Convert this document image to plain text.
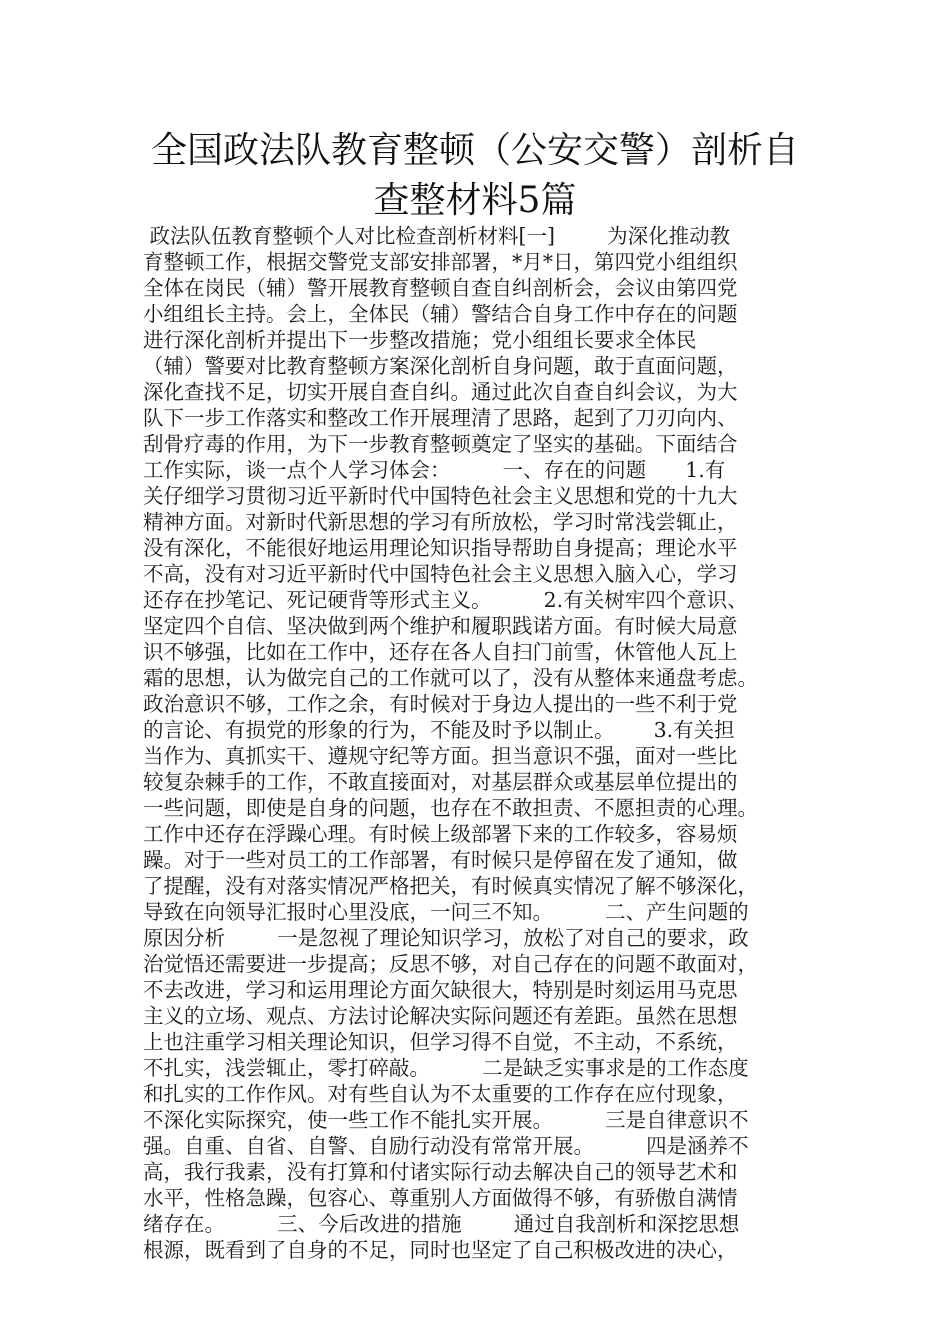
全国政法队教育整顿（公安交警）剖析自
查整材料5篇
政法队伍教育整顿个人对比检查剖析材料[一]        为深化推动教
育整顿工作，根据交警党支部安排部署，*月*日，第四党小组组织
全体在岗民（辅）警开展教育整顿自查自纠剖析会，会议由第四党
小组组长主持。会上，全体民（辅）警结合自身工作中存在的问题
进行深化剖析并提出下一步整改措施；党小组组长要求全体民
（辅）警要对比教育整顿方案深化剖析自身问题，敢于直面问题，
深化查找不足，切实开展自查自纠。通过此次自查自纠会议，为大
队下一步工作落实和整改工作开展理清了思路，起到了刀刃向内、
刮骨疗毒的作用，为下一步教育整顿奠定了坚实的基础。下面结合
工作实际，谈一点个人学习体会：        一、存在的问题      1.有
关仔细学习贯彻习近平新时代中国特色社会主义思想和党的十九大
精神方面。对新时代新思想的学习有所放松，学习时常浅尝辄止，
没有深化，不能很好地运用理论知识指导帮助自身提高；理论水平
不高，没有对习近平新时代中国特色社会主义思想入脑入心，学习
还存在抄笔记、死记硬背等形式主义。        2.有关树牢四个意识、
坚定四个自信、坚决做到两个维护和履职践诺方面。有时候大局意
识不够强，比如在工作中，还存在各人自扫门前雪，休管他人瓦上
霜的思想，认为做完自己的工作就可以了，没有从整体来通盘考虑。
政治意识不够，工作之余，有时候对于身边人提出的一些不利于党
的言论、有损党的形象的行为，不能及时予以制止。      3.有关担
当作为、真抓实干、遵规守纪等方面。担当意识不强，面对一些比
较复杂棘手的工作，不敢直接面对，对基层群众或基层单位提出的
一些问题，即使是自身的问题，也存在不敢担责、不愿担责的心理。
工作中还存在浮躁心理。有时候上级部署下来的工作较多，容易烦
躁。对于一些对员工的工作部署，有时候只是停留在发了通知，做
了提醒，没有对落实情况严格把关，有时候真实情况了解不够深化，
导致在向领导汇报时心里没底，一问三不知。        二、产生问题的
原因分析        一是忽视了理论知识学习，放松了对自己的要求，政
治觉悟还需要进一步提高；反思不够，对自己存在的问题不敢面对，
不去改进，学习和运用理论方面欠缺很大，特别是时刻运用马克思
主义的立场、观点、方法讨论解决实际问题还有差距。虽然在思想
上也注重学习相关理论知识，但学习得不自觉，不主动，不系统，
不扎实，浅尝辄止，零打碎敲。        二是缺乏实事求是的工作态度
和扎实的工作作风。对有些自认为不太重要的工作存在应付现象，
不深化实际探究，使一些工作不能扎实开展。        三是自律意识不
强。自重、自省、自警、自励行动没有常常开展。        四是涵养不
高，我行我素，没有打算和付诸实际行动去解决自己的领导艺术和
水平，性格急躁，包容心、尊重别人方面做得不够，有骄傲自满情
绪存在。        三、今后改进的措施        通过自我剖析和深挖思想
根源，既看到了自身的不足，同时也坚定了自己积极改进的决心，
